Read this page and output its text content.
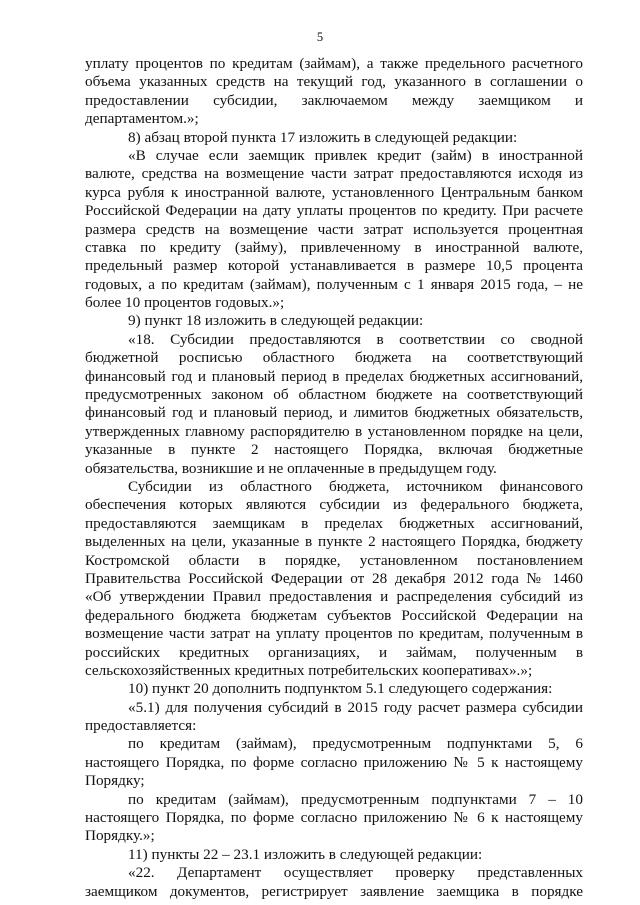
5
уплату процентов по кредитам (займам), а также предельного расчетного
объема указанных средств на текущий год, указанного в соглашении о
предоставлении субсидии, заключаемом между заемщиком и
департаментом.»;
8) абзац второй пункта 17 изложить в следующей редакции:
«В случае если заемщик привлек кредит (займ) в иностранной
валюте, средства на возмещение части затрат предоставляются исходя из
курса рубля к иностранной валюте, установленного Центральным банком
Российской Федерации на дату уплаты процентов по кредиту. При расчете
размера средств на возмещение части затрат используется процентная
ставка по кредиту (займу), привлеченному в иностранной валюте,
предельный размер которой устанавливается в размере 10,5 процента
годовых, а по кредитам (займам), полученным с 1 января 2015 года, – не
более 10 процентов годовых.»;
9) пункт 18 изложить в следующей редакции:
«18. Субсидии предоставляются в соответствии со сводной
бюджетной росписью областного бюджета на соответствующий
финансовый год и плановый период в пределах бюджетных ассигнований,
предусмотренных законом об областном бюджете на соответствующий
финансовый год и плановый период, и лимитов бюджетных обязательств,
утвержденных главному распорядителю в установленном порядке на цели,
указанные в пункте 2 настоящего Порядка, включая бюджетные
обязательства, возникшие и не оплаченные в предыдущем году.
Субсидии из областного бюджета, источником финансового
обеспечения которых являются субсидии из федерального бюджета,
предоставляются заемщикам в пределах бюджетных ассигнований,
выделенных на цели, указанные в пункте 2 настоящего Порядка, бюджету
Костромской области в порядке, установленном постановлением
Правительства Российской Федерации от 28 декабря 2012 года № 1460
«Об утверждении Правил предоставления и распределения субсидий из
федерального бюджета бюджетам субъектов Российской Федерации на
возмещение части затрат на уплату процентов по кредитам, полученным в
российских кредитных организациях, и займам, полученным в
сельскохозяйственных кредитных потребительских кооперативах».»;
10) пункт 20 дополнить подпунктом 5.1 следующего содержания:
«5.1) для получения субсидий в 2015 году расчет размера субсидии
предоставляется:
по кредитам (займам), предусмотренным подпунктами 5, 6
настоящего Порядка, по форме согласно приложению № 5 к настоящему
Порядку;
по кредитам (займам), предусмотренным подпунктами 7 – 10
настоящего Порядка, по форме согласно приложению № 6 к настоящему
Порядку.»;
11) пункты 22 – 23.1 изложить в следующей редакции:
«22. Департамент осуществляет проверку представленных
заемщиком документов, регистрирует заявление заемщика в порядке
